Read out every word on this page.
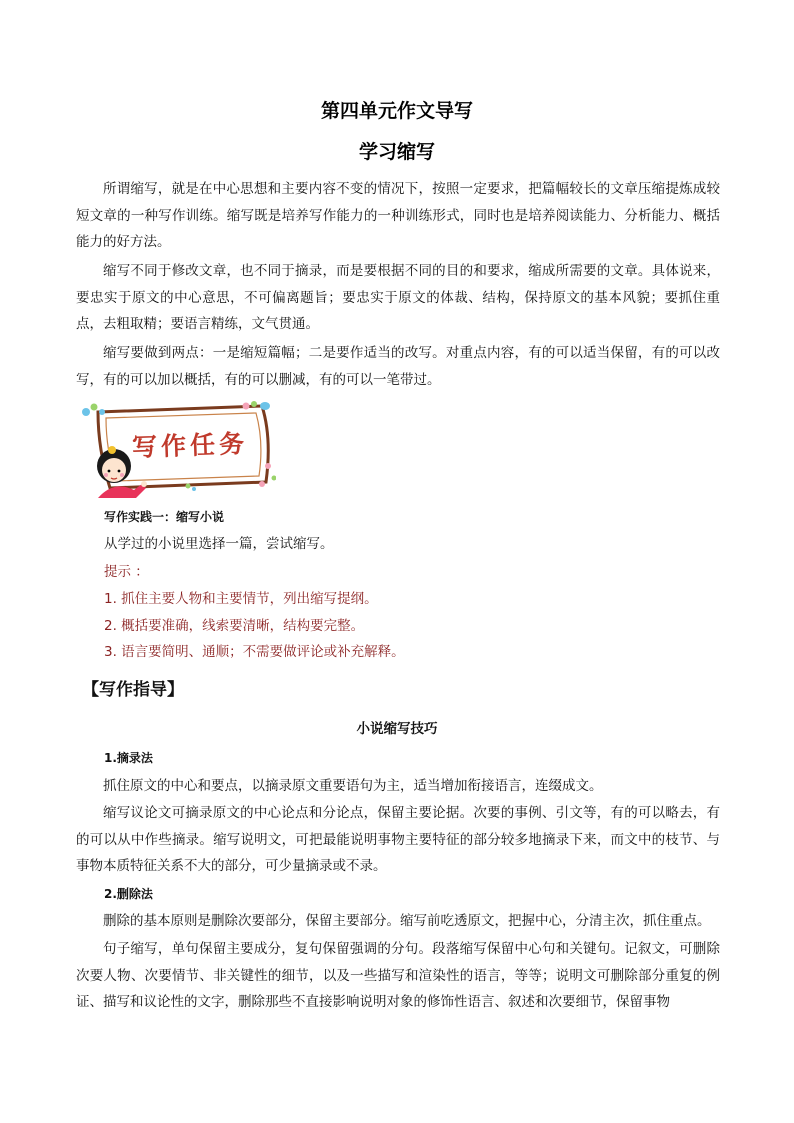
第四单元作文导写
学习缩写

所谓缩写，就是在中心思想和主要内容不变的情况下，按照一定要求，把篇幅较长的文章压缩提炼成较短文章的一种写作训练。缩写既是培养写作能力的一种训练形式，同时也是培养阅读能力、分析能力、概括能力的好方法。

缩写不同于修改文章，也不同于摘录，而是要根据不同的目的和要求，缩成所需要的文章。具体说来，要忠实于原文的中心意思，不可偏离题旨；要忠实于原文的体裁、结构，保持原文的基本风貌；要抓住重点，去粗取精；要语言精练，文气贯通。

缩写要做到两点：一是缩短篇幅；二是要作适当的改写。对重点内容，有的可以适当保留，有的可以改写，有的可以加以概括，有的可以删减，有的可以一笔带过。

写作任务
写作实践一：缩写小说
从学过的小说里选择一篇，尝试缩写。
提示 ：
1. 抓住主要人物和主要情节，列出缩写提纲。
2. 概括要准确，线索要清晰，结构要完整。
3. 语言要简明、通顺；不需要做评论或补充解释。
【写作指导】
小说缩写技巧
1.摘录法

抓住原文的中心和要点，以摘录原文重要语句为主，适当增加衔接语言，连缀成文。

缩写议论文可摘录原文的中心论点和分论点，保留主要论据。次要的事例、引文等，有的可以略去，有的可以从中作些摘录。缩写说明文，可把最能说明事物主要特征的部分较多地摘录下来，而文中的枝节、与事物本质特征关系不大的部分，可少量摘录或不录。

2.删除法

删除的基本原则是删除次要部分，保留主要部分。缩写前吃透原文，把握中心，分清主次，抓住重点。

句子缩写，单句保留主要成分，复句保留强调的分句。段落缩写保留中心句和关键句。记叙文，可删除次要人物、次要情节、非关键性的细节，以及一些描写和渲染性的语言，等等；说明文可删除部分重复的例证、描写和议论性的文字，删除那些不直接影响说明对象的修饰性语言、叙述和次要细节，保留事物
